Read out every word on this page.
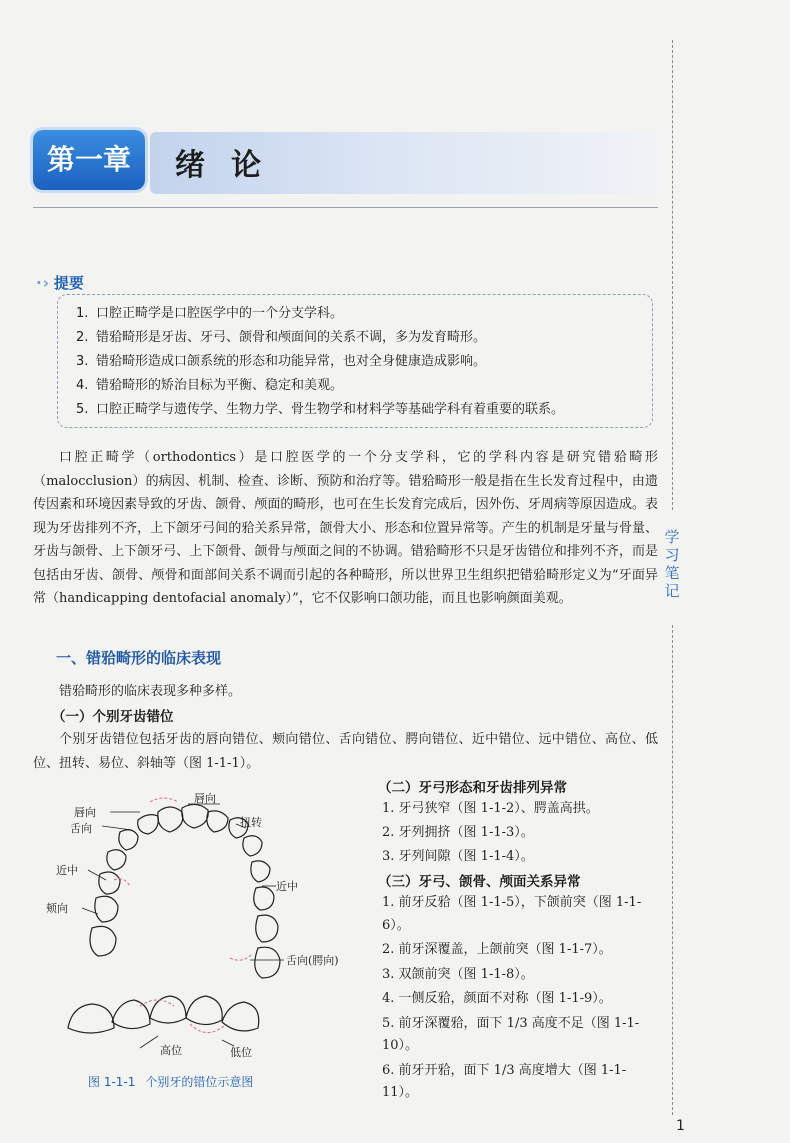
第一章	绪论
学习笔记
1
·› 提要
1. 口腔正畸学是口腔医学中的一个分支学科。
2. 错𬌗畸形是牙齿、牙弓、颌骨和颅面间的关系不调，多为发育畸形。
3. 错𬌗畸形造成口颌系统的形态和功能异常，也对全身健康造成影响。
4. 错𬌗畸形的矫治目标为平衡、稳定和美观。
5. 口腔正畸学与遗传学、生物力学、骨生物学和材料学等基础学科有着重要的联系。

口腔正畸学（orthodontics）是口腔医学的一个分支学科，它的学科内容是研究错𬌗畸形（malocclusion）的病因、机制、检查、诊断、预防和治疗等。错𬌗畸形一般是指在生长发育过程中，由遗传因素和环境因素导致的牙齿、颌骨、颅面的畸形，也可在生长发育完成后，因外伤、牙周病等原因造成。表现为牙齿排列不齐，上下颌牙弓间的𬌗关系异常，颌骨大小、形态和位置异常等。产生的机制是牙量与骨量、牙齿与颌骨、上下颌牙弓、上下颌骨、颌骨与颅面之间的不协调。错𬌗畸形不只是牙齿错位和排列不齐，而是包括由牙齿、颌骨、颅骨和面部间关系不调而引起的各种畸形，所以世界卫生组织把错𬌗畸形定义为“牙面异常（handicapping dentofacial anomaly）”，它不仅影响口颌功能，而且也影响颜面美观。

一、错𬌗畸形的临床表现

错𬌗畸形的临床表现多种多样。

（一）个别牙齿错位

个别牙齿错位包括牙齿的唇向错位、颊向错位、舌向错位、腭向错位、近中错位、远中错位、高位、低位、扭转、易位、斜轴等（图 1-1-1）。

（二）牙弓形态和牙齿排列异常
1. 牙弓狭窄（图 1-1-2）、腭盖高拱。
2. 牙列拥挤（图 1-1-3）。
3. 牙列间隙（图 1-1-4）。
（三）牙弓、颌骨、颅面关系异常
1. 前牙反𬌗（图 1-1-5），下颌前突（图 1-1-6）。
2. 前牙深覆盖，上颌前突（图 1-1-7）。
3. 双颌前突（图 1-1-8）。
4. 一侧反𬌗，颜面不对称（图 1-1-9）。
5. 前牙深覆𬌗，面下 1/3 高度不足（图 1-1-10）。
6. 前牙开𬌗，面下 1/3 高度增大（图 1-1-11）。
唇向
舌向
近中
颊向
唇向
扭转
近中
舌向(腭向)
高位	低位
图 1-1-1 个别牙的错位示意图
